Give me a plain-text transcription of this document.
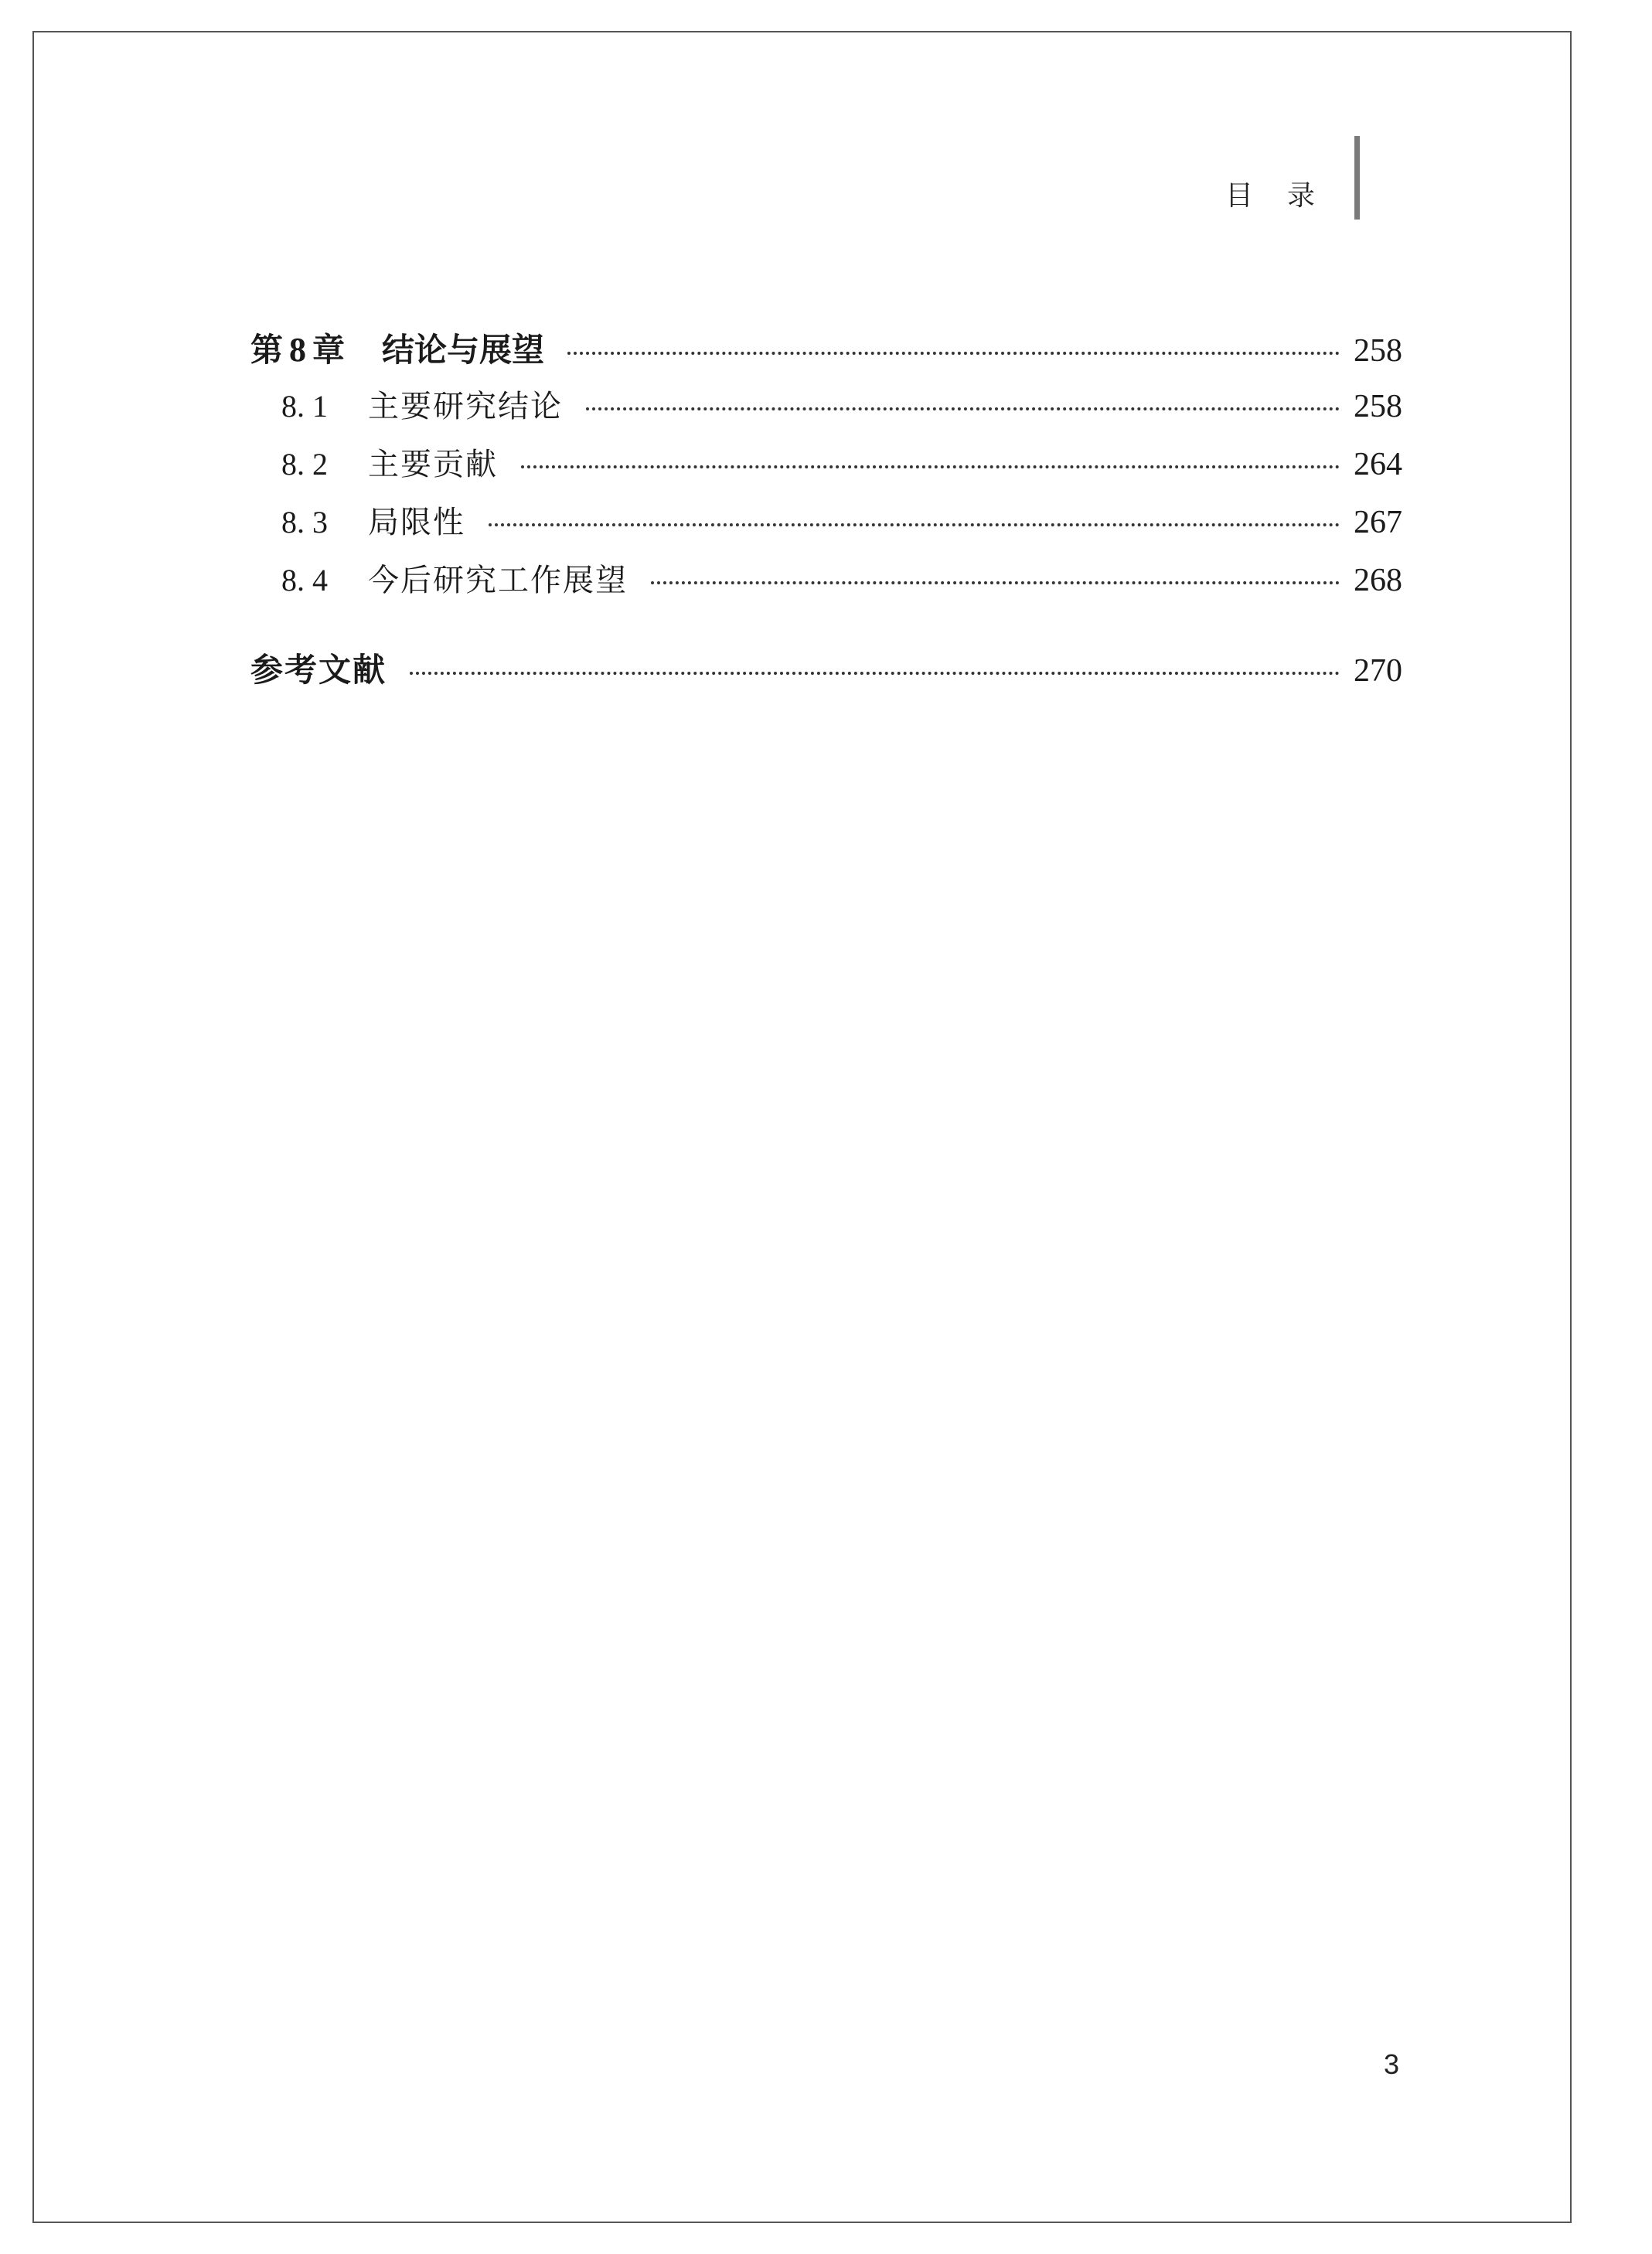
目录
第 8 章 结论与展望	258
8. 1	主要研究结论	258
8. 2	主要贡献	264
8. 3	局限性	267
8. 4	今后研究工作展望	268
参考文献	270
3
